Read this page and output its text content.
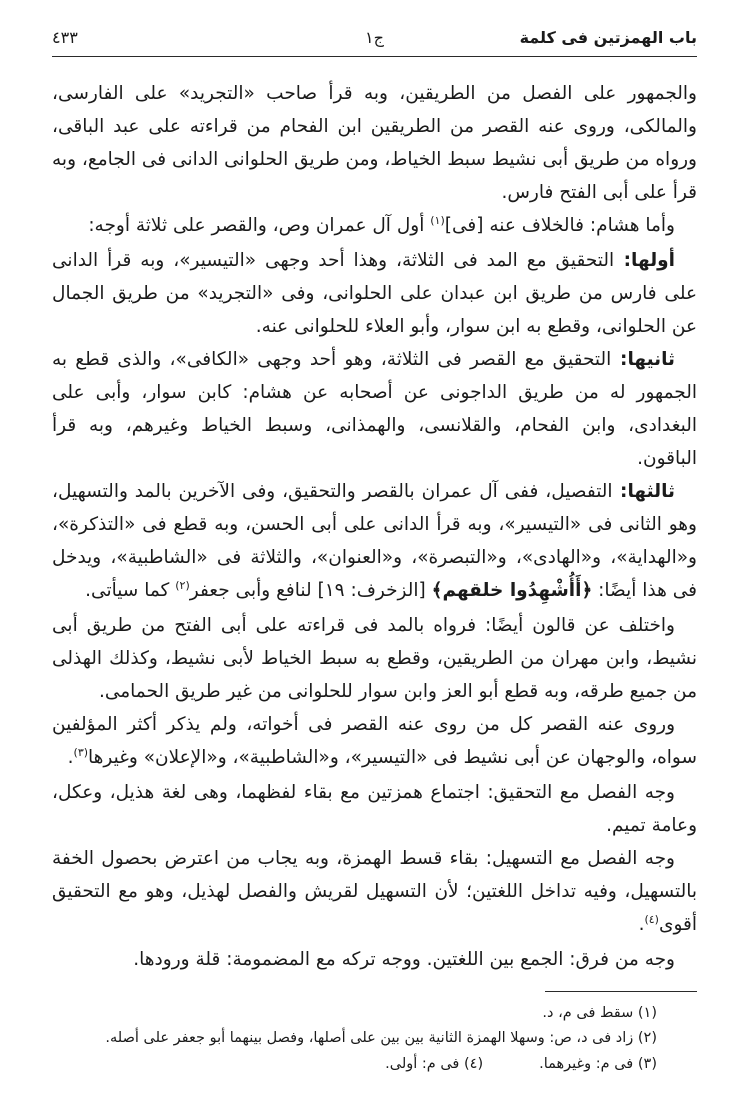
باب الهمزتين فى كلمة
ج١
٤٣٣

والجمهور على الفصل من الطريقين، وبه قرأ صاحب «التجريد» على الفارسى، والمالكى، وروى عنه القصر من الطريقين ابن الفحام من قراءته على عبد الباقى، ورواه من طريق أبى نشيط سبط الخياط، ومن طريق الحلوانى الدانى فى الجامع، وبه قرأ على أبى الفتح فارس.

وأما هشام: فالخلاف عنه [فى]$^{(١)}$ أول آل عمران وص، والقصر على ثلاثة أوجه:

أولها: التحقيق مع المد فى الثلاثة، وهذا أحد وجهى «التيسير»، وبه قرأ الدانى على فارس من طريق ابن عبدان على الحلوانى، وفى «التجريد» من طريق الجمال عن الحلوانى، وقطع به ابن سوار، وأبو العلاء للحلوانى عنه.

ثانيها: التحقيق مع القصر فى الثلاثة، وهو أحد وجهى «الكافى»، والذى قطع به الجمهور له من طريق الداجونى عن أصحابه عن هشام: كابن سوار، وأبى على البغدادى، وابن الفحام، والقلانسى، والهمذانى، وسبط الخياط وغيرهم، وبه قرأ الباقون.

ثالثها: التفصيل، ففى آل عمران بالقصر والتحقيق، وفى الآخرين بالمد والتسهيل، وهو الثانى فى «التيسير»، وبه قرأ الدانى على أبى الحسن، وبه قطع فى «التذكرة»، و«الهداية»، و«الهادى»، و«التبصرة»، و«العنوان»، والثلاثة فى «الشاطبية»، ويدخل فى هذا أيضًا: ﴿أَأُشْهِدُوا خلقهم﴾ [الزخرف: ١٩] لنافع وأبى جعفر$^{(٢)}$ كما سيأتى.

واختلف عن قالون أيضًا: فرواه بالمد فى قراءته على أبى الفتح من طريق أبى نشيط، وابن مهران من الطريقين، وقطع به سبط الخياط لأبى نشيط، وكذلك الهذلى من جميع طرقه، وبه قطع أبو العز وابن سوار للحلوانى من غير طريق الحمامى.

وروى عنه القصر كل من روى عنه القصر فى أخواته، ولم يذكر أكثر المؤلفين سواه، والوجهان عن أبى نشيط فى «التيسير»، و«الشاطبية»، و«الإعلان» وغيرها$^{(٣)}$.

وجه الفصل مع التحقيق: اجتماع همزتين مع بقاء لفظهما، وهى لغة هذيل، وعكل، وعامة تميم.

وجه الفصل مع التسهيل: بقاء قسط الهمزة، وبه يجاب من اعترض بحصول الخفة بالتسهيل، وفيه تداخل اللغتين؛ لأن التسهيل لقريش والفصل لهذيل، وهو مع التحقيق أقوى$^{(٤)}$.

وجه من فرق: الجمع بين اللغتين. ووجه تركه مع المضمومة: قلة ورودها.

(١) سقط فى م، د.
(٢) زاد فى د، ص: وسهلا الهمزة الثانية بين بين على أصلها، وفصل بينهما أبو جعفر على أصله.
(٣) فى م: وغيرهما.(٤) فى م: أولى.
